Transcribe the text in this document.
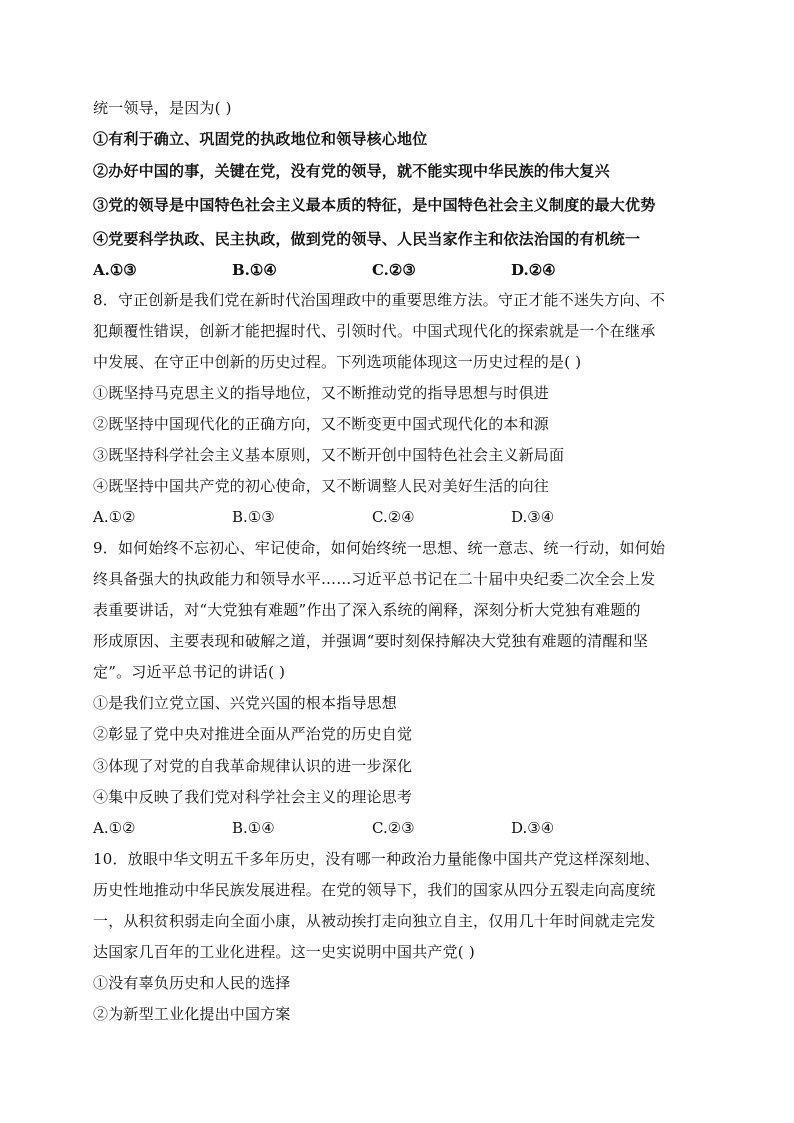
统一领导，是因为( )
①有利于确立、巩固党的执政地位和领导核心地位
②办好中国的事，关键在党，没有党的领导，就不能实现中华民族的伟大复兴
③党的领导是中国特色社会主义最本质的特征，是中国特色社会主义制度的最大优势
④党要科学执政、民主执政，做到党的领导、人民当家作主和依法治国的有机统一
A.①③	B.①④	C.②③	D.②④
8．守正创新是我们党在新时代治国理政中的重要思维方法。守正才能不迷失方向、不
犯颠覆性错误，创新才能把握时代、引领时代。中国式现代化的探索就是一个在继承
中发展、在守正中创新的历史过程。下列选项能体现这一历史过程的是( )
①既坚持马克思主义的指导地位，又不断推动党的指导思想与时俱进
②既坚持中国现代化的正确方向，又不断变更中国式现代化的本和源
③既坚持科学社会主义基本原则，又不断开创中国特色社会主义新局面
④既坚持中国共产党的初心使命，又不断调整人民对美好生活的向往
A.①②	B.①③	C.②④	D.③④
9．如何始终不忘初心、牢记使命，如何始终统一思想、统一意志、统一行动，如何始
终具备强大的执政能力和领导水平……习近平总书记在二十届中央纪委二次全会上发
表重要讲话，对“大党独有难题”作出了深入系统的阐释，深刻分析大党独有难题的
形成原因、主要表现和破解之道，并强调“要时刻保持解决大党独有难题的清醒和坚
定”。习近平总书记的讲话( )
①是我们立党立国、兴党兴国的根本指导思想
②彰显了党中央对推进全面从严治党的历史自觉
③体现了对党的自我革命规律认识的进一步深化
④集中反映了我们党对科学社会主义的理论思考
A.①②	B.①④	C.②③	D.③④
10．放眼中华文明五千多年历史，没有哪一种政治力量能像中国共产党这样深刻地、
历史性地推动中华民族发展进程。在党的领导下，我们的国家从四分五裂走向高度统
一，从积贫积弱走向全面小康，从被动挨打走向独立自主，仅用几十年时间就走完发
达国家几百年的工业化进程。这一史实说明中国共产党( )
①没有辜负历史和人民的选择
②为新型工业化提出中国方案
